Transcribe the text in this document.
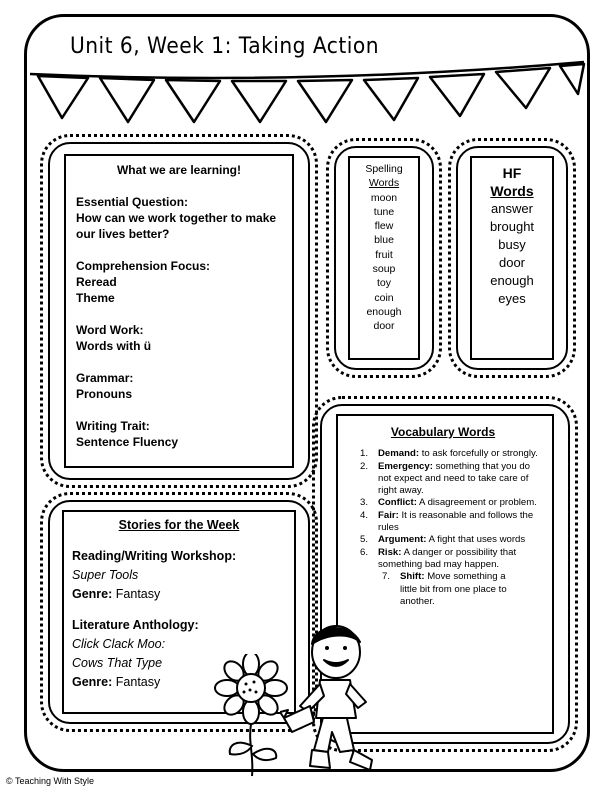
Unit 6, Week 1: Taking Action

What we are learning!

Essential Question:

How can we work together to make

our lives better?

Comprehension Focus:

Reread

Theme

Word Work:

Words with ü

Grammar:

Pronouns

Writing Trait:

Sentence Fluency

Spelling
Words
moon
tune
flew
blue
fruit
soup
toy
coin
enough
door
HF
Words
answer
brought
busy
door
enough
eyes
Vocabulary Words
1.	Demand: to ask forcefully or strongly.
2.	Emergency: something that you do not expect and need to take care of right away.
3.	Conflict: A disagreement or problem.
4.	Fair: It is reasonable and follows the rules
5.	Argument: A fight that uses words
6.	Risk: A danger or possibility that something bad may happen.
7.	Shift: Move something a little bit from one place to another.

Stories for the Week

Reading/Writing Workshop:

Super Tools

Genre: Fantasy

Literature Anthology:

Click Clack Moo:

Cows That Type

Genre: Fantasy

© Teaching With Style
